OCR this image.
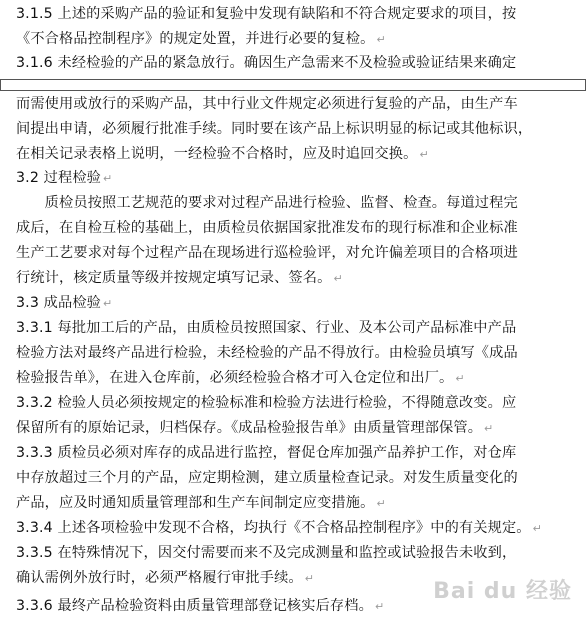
3.1.5 上述的采购产品的验证和复验中发现有缺陷和不符合规定要求的项目，按
《不合格品控制程序》的规定处置，并进行必要的复检。 ↵
3.1.6 未经检验的产品的紧急放行。确因生产急需来不及检验或验证结果来确定
而需使用或放行的采购产品，其中行业文件规定必须进行复验的产品，由生产车
间提出申请，必须履行批准手续。同时要在该产品上标识明显的标记或其他标识，
在相关记录表格上说明，一经检验不合格时，应及时追回交换。 ↵
3.2 过程检验 ↵
　　质检员按照工艺规范的要求对过程产品进行检验、监督、检查。每道过程完
成后，在自检互检的基础上，由质检员依据国家批准发布的现行标准和企业标准
生产工艺要求对每个过程产品在现场进行巡检验评，对允许偏差项目的合格项进
行统计，核定质量等级并按规定填写记录、签名。 ↵
3.3 成品检验 ↵
3.3.1 每批加工后的产品，由质检员按照国家、行业、及本公司产品标准中产品
检验方法对最终产品进行检验，未经检验的产品不得放行。由检验员填写《成品
检验报告单》，在进入仓库前，必须经检验合格才可入仓定位和出厂。 ↵
3.3.2 检验人员必须按规定的检验标准和检验方法进行检验，不得随意改变。应
保留所有的原始记录，归档保存。《成品检验报告单》由质量管理部保管。 ↵
3.3.3 质检员必须对库存的成品进行监控，督促仓库加强产品养护工作，对仓库
中存放超过三个月的产品，应定期检测，建立质量检查记录。对发生质量变化的
产品，应及时通知质量管理部和生产车间制定应变措施。 ↵
3.3.4 上述各项检验中发现不合格，均执行《不合格品控制程序》中的有关规定。 ↵
3.3.5 在特殊情况下，因交付需要而来不及完成测量和监控或试验报告未收到，
确认需例外放行时，必须严格履行审批手续。 ↵
3.3.6 最终产品检验资料由质量管理部登记核实后存档。 ↵
Bai du 经验
